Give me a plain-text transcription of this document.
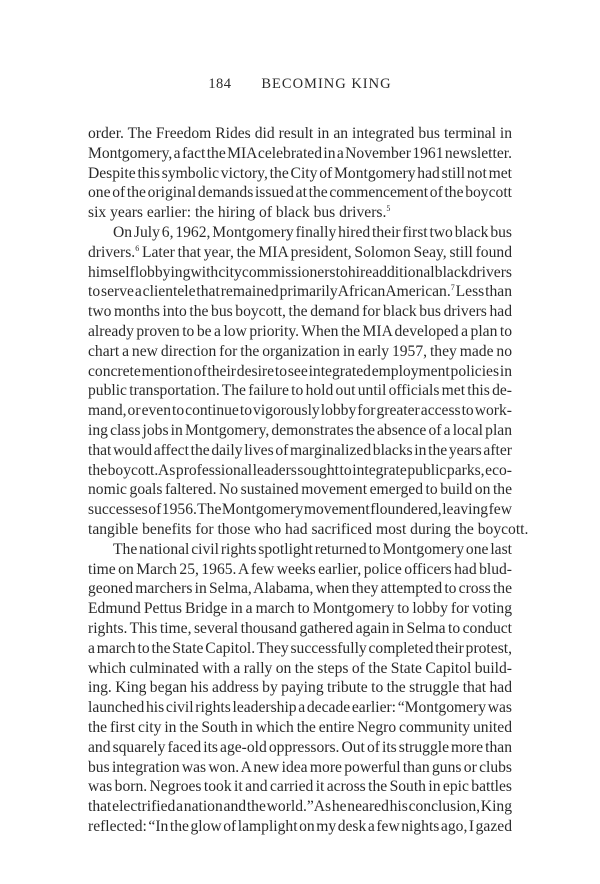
184 BECOMING KING
order. The Freedom Rides did result in an integrated bus terminal in
Montgomery, a fact the MIA celebrated in a November 1961 newsletter.
Despite this symbolic victory, the City of Montgomery had still not met
one of the original demands issued at the commencement of the boycott
six years earlier: the hiring of black bus drivers.$^5$
On July 6, 1962, Montgomery finally hired their first two black bus
drivers.$^6$ Later that year, the MIA president, Solomon Seay, still found
himself lobbying with city commissioners to hire additional black drivers
to serve a clientele that remained primarily African American.$^7$ Less than
two months into the bus boycott, the demand for black bus drivers had
already proven to be a low priority. When the MIA developed a plan to
chart a new direction for the organization in early 1957, they made no
concrete mention of their desire to see integrated employment policies in
public transportation. The failure to hold out until officials met this de-
mand, or even to continue to vigorously lobby for greater access to work-
ing class jobs in Montgomery, demonstrates the absence of a local plan
that would affect the daily lives of marginalized blacks in the years after
the boycott. As professional leaders sought to integrate public parks, eco-
nomic goals faltered. No sustained movement emerged to build on the
successes of 1956. The Montgomery movement floundered, leaving few
tangible benefits for those who had sacrificed most during the boycott.
The national civil rights spotlight returned to Montgomery one last
time on March 25, 1965. A few weeks earlier, police officers had blud-
geoned marchers in Selma, Alabama, when they attempted to cross the
Edmund Pettus Bridge in a march to Montgomery to lobby for voting
rights. This time, several thousand gathered again in Selma to conduct
a march to the State Capitol. They successfully completed their protest,
which culminated with a rally on the steps of the State Capitol build-
ing. King began his address by paying tribute to the struggle that had
launched his civil rights leadership a decade earlier: “Montgomery was
the first city in the South in which the entire Negro community united
and squarely faced its age-old oppressors. Out of its struggle more than
bus integration was won. A new idea more powerful than guns or clubs
was born. Negroes took it and carried it across the South in epic battles
that electrified a nation and the world.” As he neared his conclusion, King
reflected: “In the glow of lamplight on my desk a few nights ago, I gazed
